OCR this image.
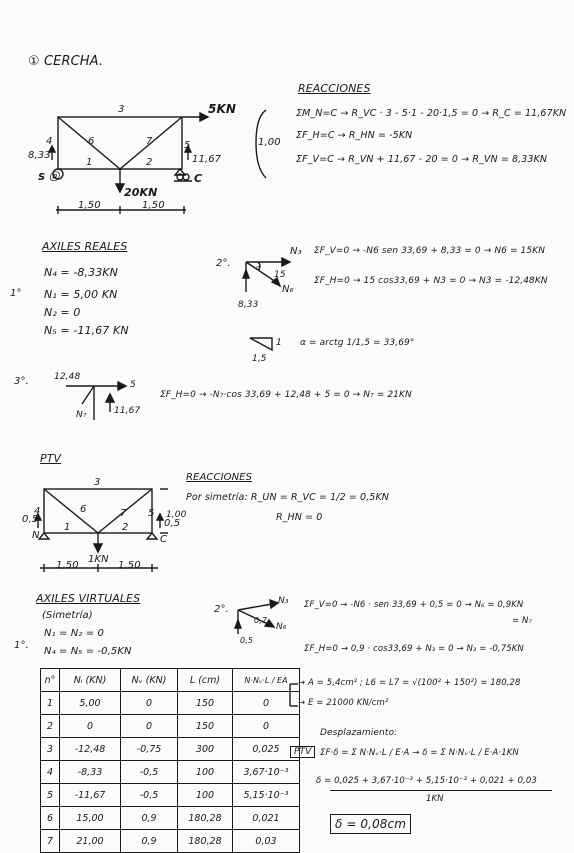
① CERCHA.
3
6	7
4	5
1	2
5KN
20KN
8,33	11,67
S ⓝ	C
1,50	1,50
1,00
REACCIONES
ΣM_N=C → R_VC · 3 - 5·1 - 20·1,5 = 0 → R_C = 11,67KN
ΣF_H=C → R_HN = -5KN
ΣF_V=C → R_VN + 11,67 - 20 = 0 → R_VN = 8,33KN
AXILES REALES
1°
N₄ = -8,33KN
N₁ = 5,00 KN
N₂ = 0
N₅ = -11,67 KN
2°.
N₃
N₆
15
8,33
α
ΣF_V=0 → -N6 sen 33,69 + 8,33 = 0 → N6 = 15KN
ΣF_H=0 → 15 cos33,69 + N3 = 0 → N3 = -12,48KN
1
1,5
α = arctg 1/1,5 = 33,69°
3°.	12,48
5
N₇	11,67
ΣF_H=0 → -N₇·cos 33,69 + 12,48 + 5 = 0 → N₇ = 21KN
PTV
3
6	7
4	5
1	2
0,5	0,5
N	C
1,50	1,50
1KN
1,00
REACCIONES
Por simetría: R_UN = R_VC = 1/2 = 0,5KN
R_HN = 0
AXILES VIRTUALES
(Simetría)
1°.
N₁ = N₂ = 0
N₄ = N₅ = -0,5KN
2°.
N₃
N₆
0,7
0,5
ΣF_V=0 → -N6 · sen 33,69 + 0,5 = 0 → N₆ = 0,9KN
= N₇
ΣF_H=0 → 0,9 · cos33,69 + N₃ = 0 → N₃ = -0,75KN
n°	Nᵢ (KN)	Nᵥ (KN)	L (cm)	N·Nᵥ·L / EA
1	5,00	0	150	0
2	0	0	150	0
3	-12,48	-0,75	300	0,025
4	-8,33	-0,5	100	3,67·10⁻³
5	-11,67	-0,5	100	5,15·10⁻³
6	15,00	0,9	180,28	0,021
7	21,00	0,9	180,28	0,03
→ A = 5,4cm² ; L6 = L7 = √(100² + 150²) = 180,28
→ E = 21000 KN/cm²
Desplazamiento:
PTV	ΣF·δ = Σ N·Nᵥ·L / E·A → δ = Σ N·Nᵥ·L / E·A·1KN
δ = 0,025 + 3,67·10⁻³ + 5,15·10⁻³ + 0,021 + 0,03
1KN
δ = 0,08cm
